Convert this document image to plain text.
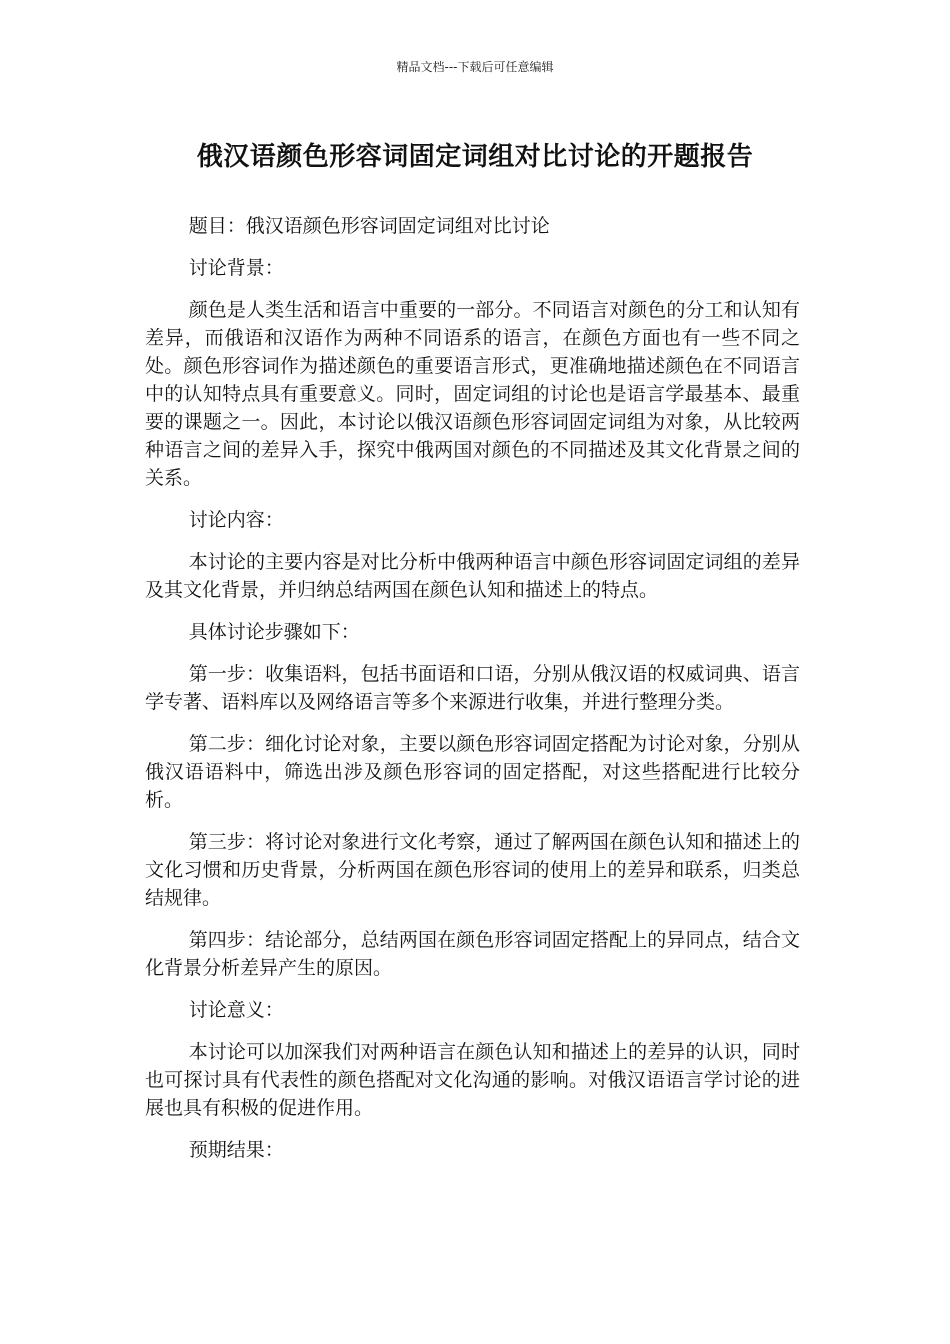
精品文档---下载后可任意编辑
俄汉语颜色形容词固定词组对比讨论的开题报告

题目：俄汉语颜色形容词固定词组对比讨论

讨论背景：

颜色是人类生活和语言中重要的一部分。不同语言对颜色的分工和认知有差异，而俄语和汉语作为两种不同语系的语言，在颜色方面也有一些不同之处。颜色形容词作为描述颜色的重要语言形式，更准确地描述颜色在不同语言中的认知特点具有重要意义。同时，固定词组的讨论也是语言学最基本、最重要的课题之一。因此，本讨论以俄汉语颜色形容词固定词组为对象，从比较两种语言之间的差异入手，探究中俄两国对颜色的不同描述及其文化背景之间的关系。

讨论内容：

本讨论的主要内容是对比分析中俄两种语言中颜色形容词固定词组的差异及其文化背景，并归纳总结两国在颜色认知和描述上的特点。

具体讨论步骤如下：

第一步：收集语料，包括书面语和口语，分别从俄汉语的权威词典、语言学专著、语料库以及网络语言等多个来源进行收集，并进行整理分类。

第二步：细化讨论对象，主要以颜色形容词固定搭配为讨论对象，分别从俄汉语语料中，筛选出涉及颜色形容词的固定搭配，对这些搭配进行比较分析。

第三步：将讨论对象进行文化考察，通过了解两国在颜色认知和描述上的文化习惯和历史背景，分析两国在颜色形容词的使用上的差异和联系，归类总结规律。

第四步：结论部分，总结两国在颜色形容词固定搭配上的异同点，结合文化背景分析差异产生的原因。

讨论意义：

本讨论可以加深我们对两种语言在颜色认知和描述上的差异的认识，同时也可探讨具有代表性的颜色搭配对文化沟通的影响。对俄汉语语言学讨论的进展也具有积极的促进作用。

预期结果：
